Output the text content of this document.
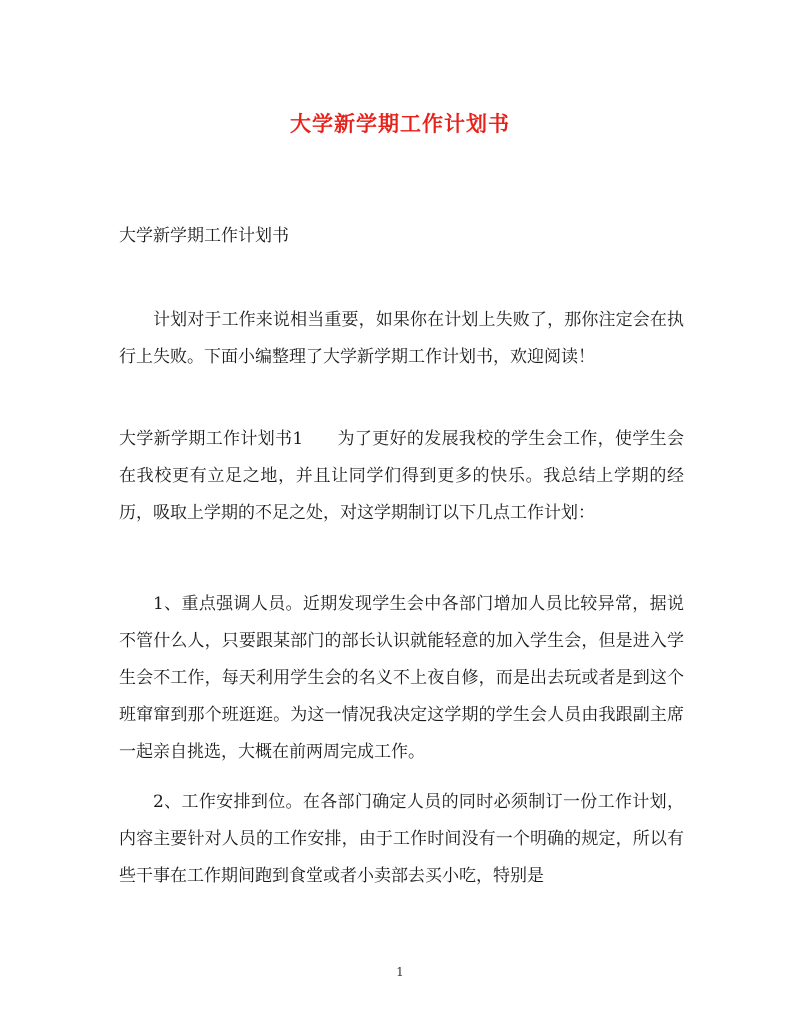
大学新学期工作计划书

大学新学期工作计划书

计划对于工作来说相当重要，如果你在计划上失败了，那你注定会在执行上失败。下面小编整理了大学新学期工作计划书，欢迎阅读！

大学新学期工作计划书1 为了更好的发展我校的学生会工作，使学生会在我校更有立足之地，并且让同学们得到更多的快乐。我总结上学期的经历，吸取上学期的不足之处，对这学期制订以下几点工作计划：

1、重点强调人员。近期发现学生会中各部门增加人员比较异常，据说不管什么人，只要跟某部门的部长认识就能轻意的加入学生会，但是进入学生会不工作，每天利用学生会的名义不上夜自修，而是出去玩或者是到这个班窜窜到那个班逛逛。为这一情况我决定这学期的学生会人员由我跟副主席一起亲自挑选，大概在前两周完成工作。

2、工作安排到位。在各部门确定人员的同时必须制订一份工作计划，内容主要针对人员的工作安排，由于工作时间没有一个明确的规定，所以有些干事在工作期间跑到食堂或者小卖部去买小吃，特别是

1
